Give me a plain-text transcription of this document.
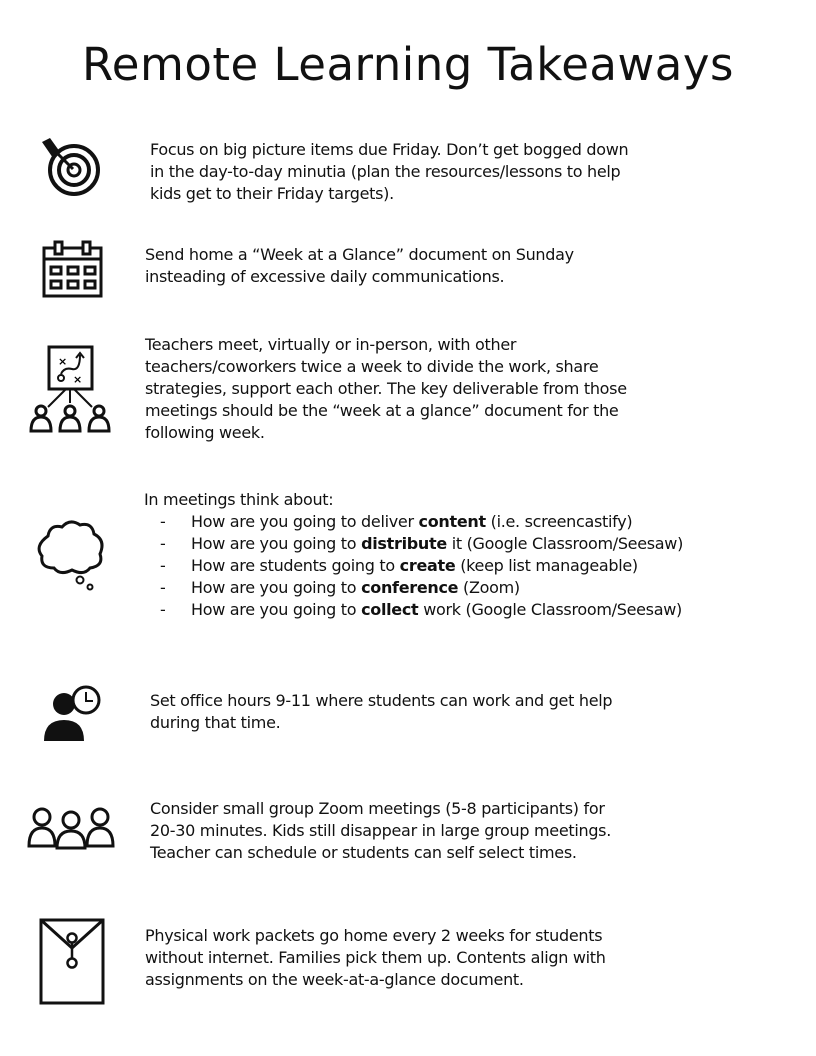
Remote Learning Takeaways
Focus on big picture items due Friday. Don’t get bogged down
in the day-to-day minutia (plan the resources/lessons to help
kids get to their Friday targets).
Send home a “Week at a Glance” document on Sunday
insteading of excessive daily communications.
×
×
Teachers meet, virtually or in-person, with other
teachers/coworkers twice a week to divide the work, share
strategies, support each other. The key deliverable from those
meetings should be the “week at a glance” document for the
following week.
In meetings think about:
- How are you going to deliver content (i.e. screencastify)
- How are you going to distribute it (Google Classroom/Seesaw)
- How are students going to create (keep list manageable)
- How are you going to conference (Zoom)
- How are you going to collect work (Google Classroom/Seesaw)
Set office hours 9-11 where students can work and get help
during that time.
Consider small group Zoom meetings (5-8 participants) for
20-30 minutes. Kids still disappear in large group meetings.
Teacher can schedule or students can self select times.
Physical work packets go home every 2 weeks for students
without internet. Families pick them up. Contents align with
assignments on the week-at-a-glance document.
